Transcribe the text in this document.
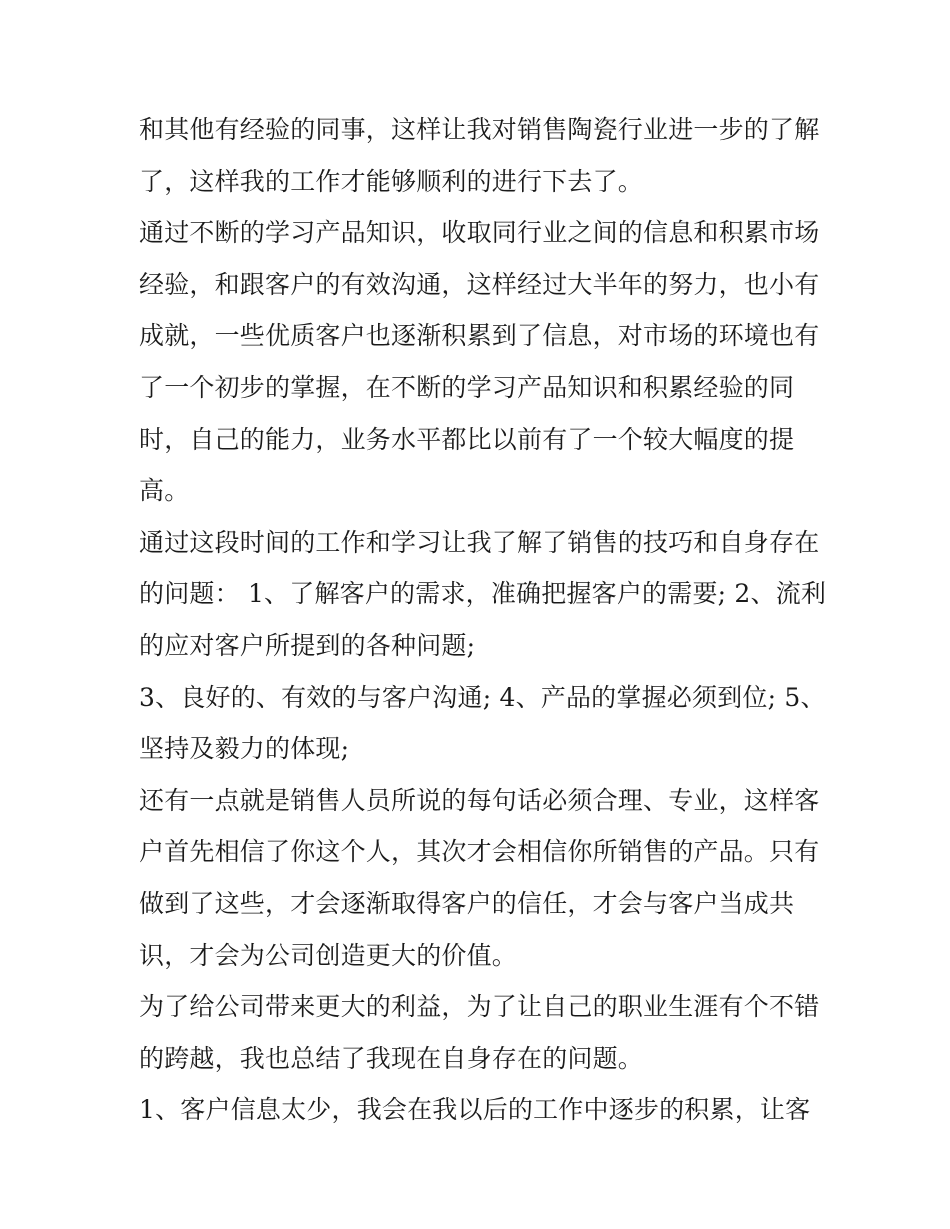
和其他有经验的同事，这样让我对销售陶瓷行业进一步的了解

了，这样我的工作才能够顺利的进行下去了。

通过不断的学习产品知识，收取同行业之间的信息和积累市场

经验，和跟客户的有效沟通，这样经过大半年的努力，也小有

成就，一些优质客户也逐渐积累到了信息，对市场的环境也有

了一个初步的掌握，在不断的学习产品知识和积累经验的同

时，自己的能力，业务水平都比以前有了一个较大幅度的提

高。

通过这段时间的工作和学习让我了解了销售的技巧和自身存在

的问题： 1、了解客户的需求，准确把握客户的需要; 2、流利

的应对客户所提到的各种问题;

3、良好的、有效的与客户沟通; 4、产品的掌握必须到位; 5、

坚持及毅力的体现;

还有一点就是销售人员所说的每句话必须合理、专业，这样客

户首先相信了你这个人，其次才会相信你所销售的产品。只有

做到了这些，才会逐渐取得客户的信任，才会与客户当成共

识，才会为公司创造更大的价值。

为了给公司带来更大的利益，为了让自己的职业生涯有个不错

的跨越，我也总结了我现在自身存在的问题。

1、客户信息太少，我会在我以后的工作中逐步的积累，让客
